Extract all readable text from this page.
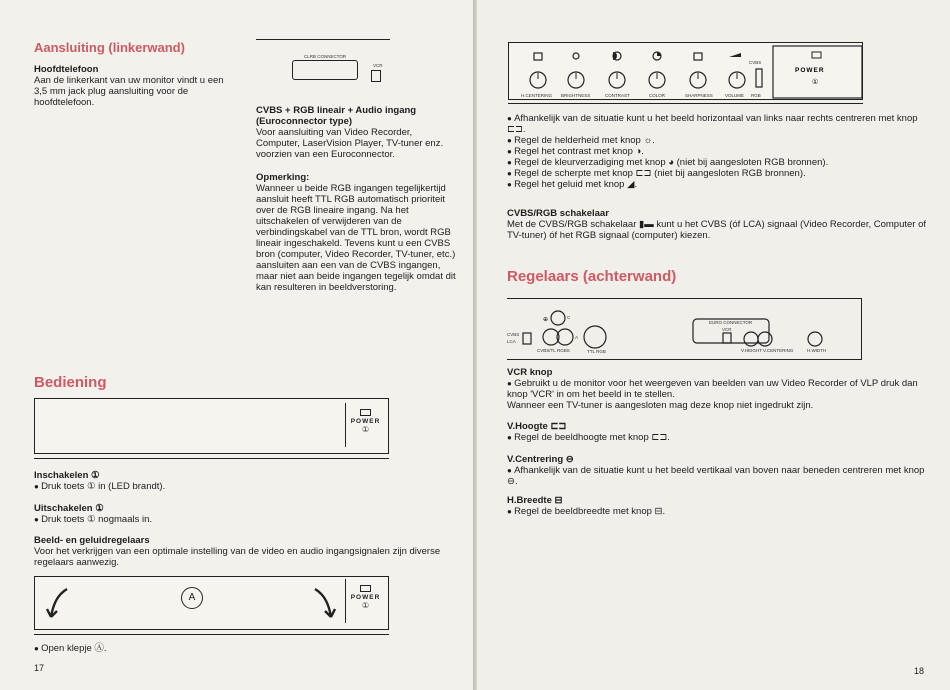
Aansluiting (linkerwand)
Hoofdtelefoon
Aan de linkerkant van uw monitor vindt u een 3,5 mm jack plug aansluiting voor de hoofdtelefoon.
CLRB CONNECTOR
VCR
CVBS + RGB lineair + Audio ingang (Euroconnector type)
Voor aansluiting van Video Recorder, Computer, LaserVision Player, TV-tuner enz. voorzien van een Euroconnector.
Opmerking:
Wanneer u beide RGB ingangen tegelijkertijd aansluit heeft TTL RGB automatisch prioriteit over de RGB lineaire ingang. Na het uitschakelen of verwijderen van de verbindingskabel van de TTL bron, wordt RGB lineair ingeschakeld. Tevens kunt u een CVBS bron (computer, Video Recorder, TV-tuner, etc.) aansluiten aan een van de CVBS ingangen, maar niet aan beide ingangen tegelijk omdat dit kan resulteren in beeldverstoring.
Bediening
POWER
①
Inschakelen ①
● Druk toets ① in (LED brandt).
Uitschakelen ①
● Druk toets ① nogmaals in.
Beeld- en geluidregelaars
Voor het verkrijgen van een optimale instelling van de video en audio ingangsignalen zijn diverse regelaars aanwezig.
A	POWER
①
● Open klepje Ⓐ.
17
POWER
①
H.CENTERING BRIGHTNESS	CONTRAST	COLOR	SHARPNESS	VOLUME
CVBS
RGB
● Afhankelijk van de situatie kunt u het beeld horizontaal van links naar rechts centreren met knop ⊏⊐.
● Regel de helderheid met knop ☼.
● Regel het contrast met knop ◑.
● Regel de kleurverzadiging met knop ◕ (niet bij aangesloten RGB bronnen).
● Regel de scherpte met knop ⊏⊐ (niet bij aangesloten RGB bronnen).
● Regel het geluid met knop ◢.
CVBS/RGB schakelaar
Met de CVBS/RGB schakelaar ▮▬ kunt u het CVBS (óf LCA) signaal (Video Recorder, Computer of TV-tuner) óf het RGB signaal (computer) kiezen.
Regelaars (achterwand)
⊕
CVBS
LCA
CVBS/TL RGBS	TTL RGB
EURO CONNECTOR
VCR
V.HEIGHT V.CENTERING	H.WIDTH
C
A
VCR knop
● Gebruikt u de monitor voor het weergeven van beelden van uw Video Recorder of VLP druk dan knop 'VCR' in om het beeld in te stellen.
Wanneer een TV-tuner is aangesloten mag deze knop niet ingedrukt zijn.
V.Hoogte ⊏⊐
● Regel de beeldhoogte met knop ⊏⊐.
V.Centrering ⊖
● Afhankelijk van de situatie kunt u het beeld vertikaal van boven naar beneden centreren met knop ⊖.
H.Breedte ⊟
● Regel de beeldbreedte met knop ⊟.
18
